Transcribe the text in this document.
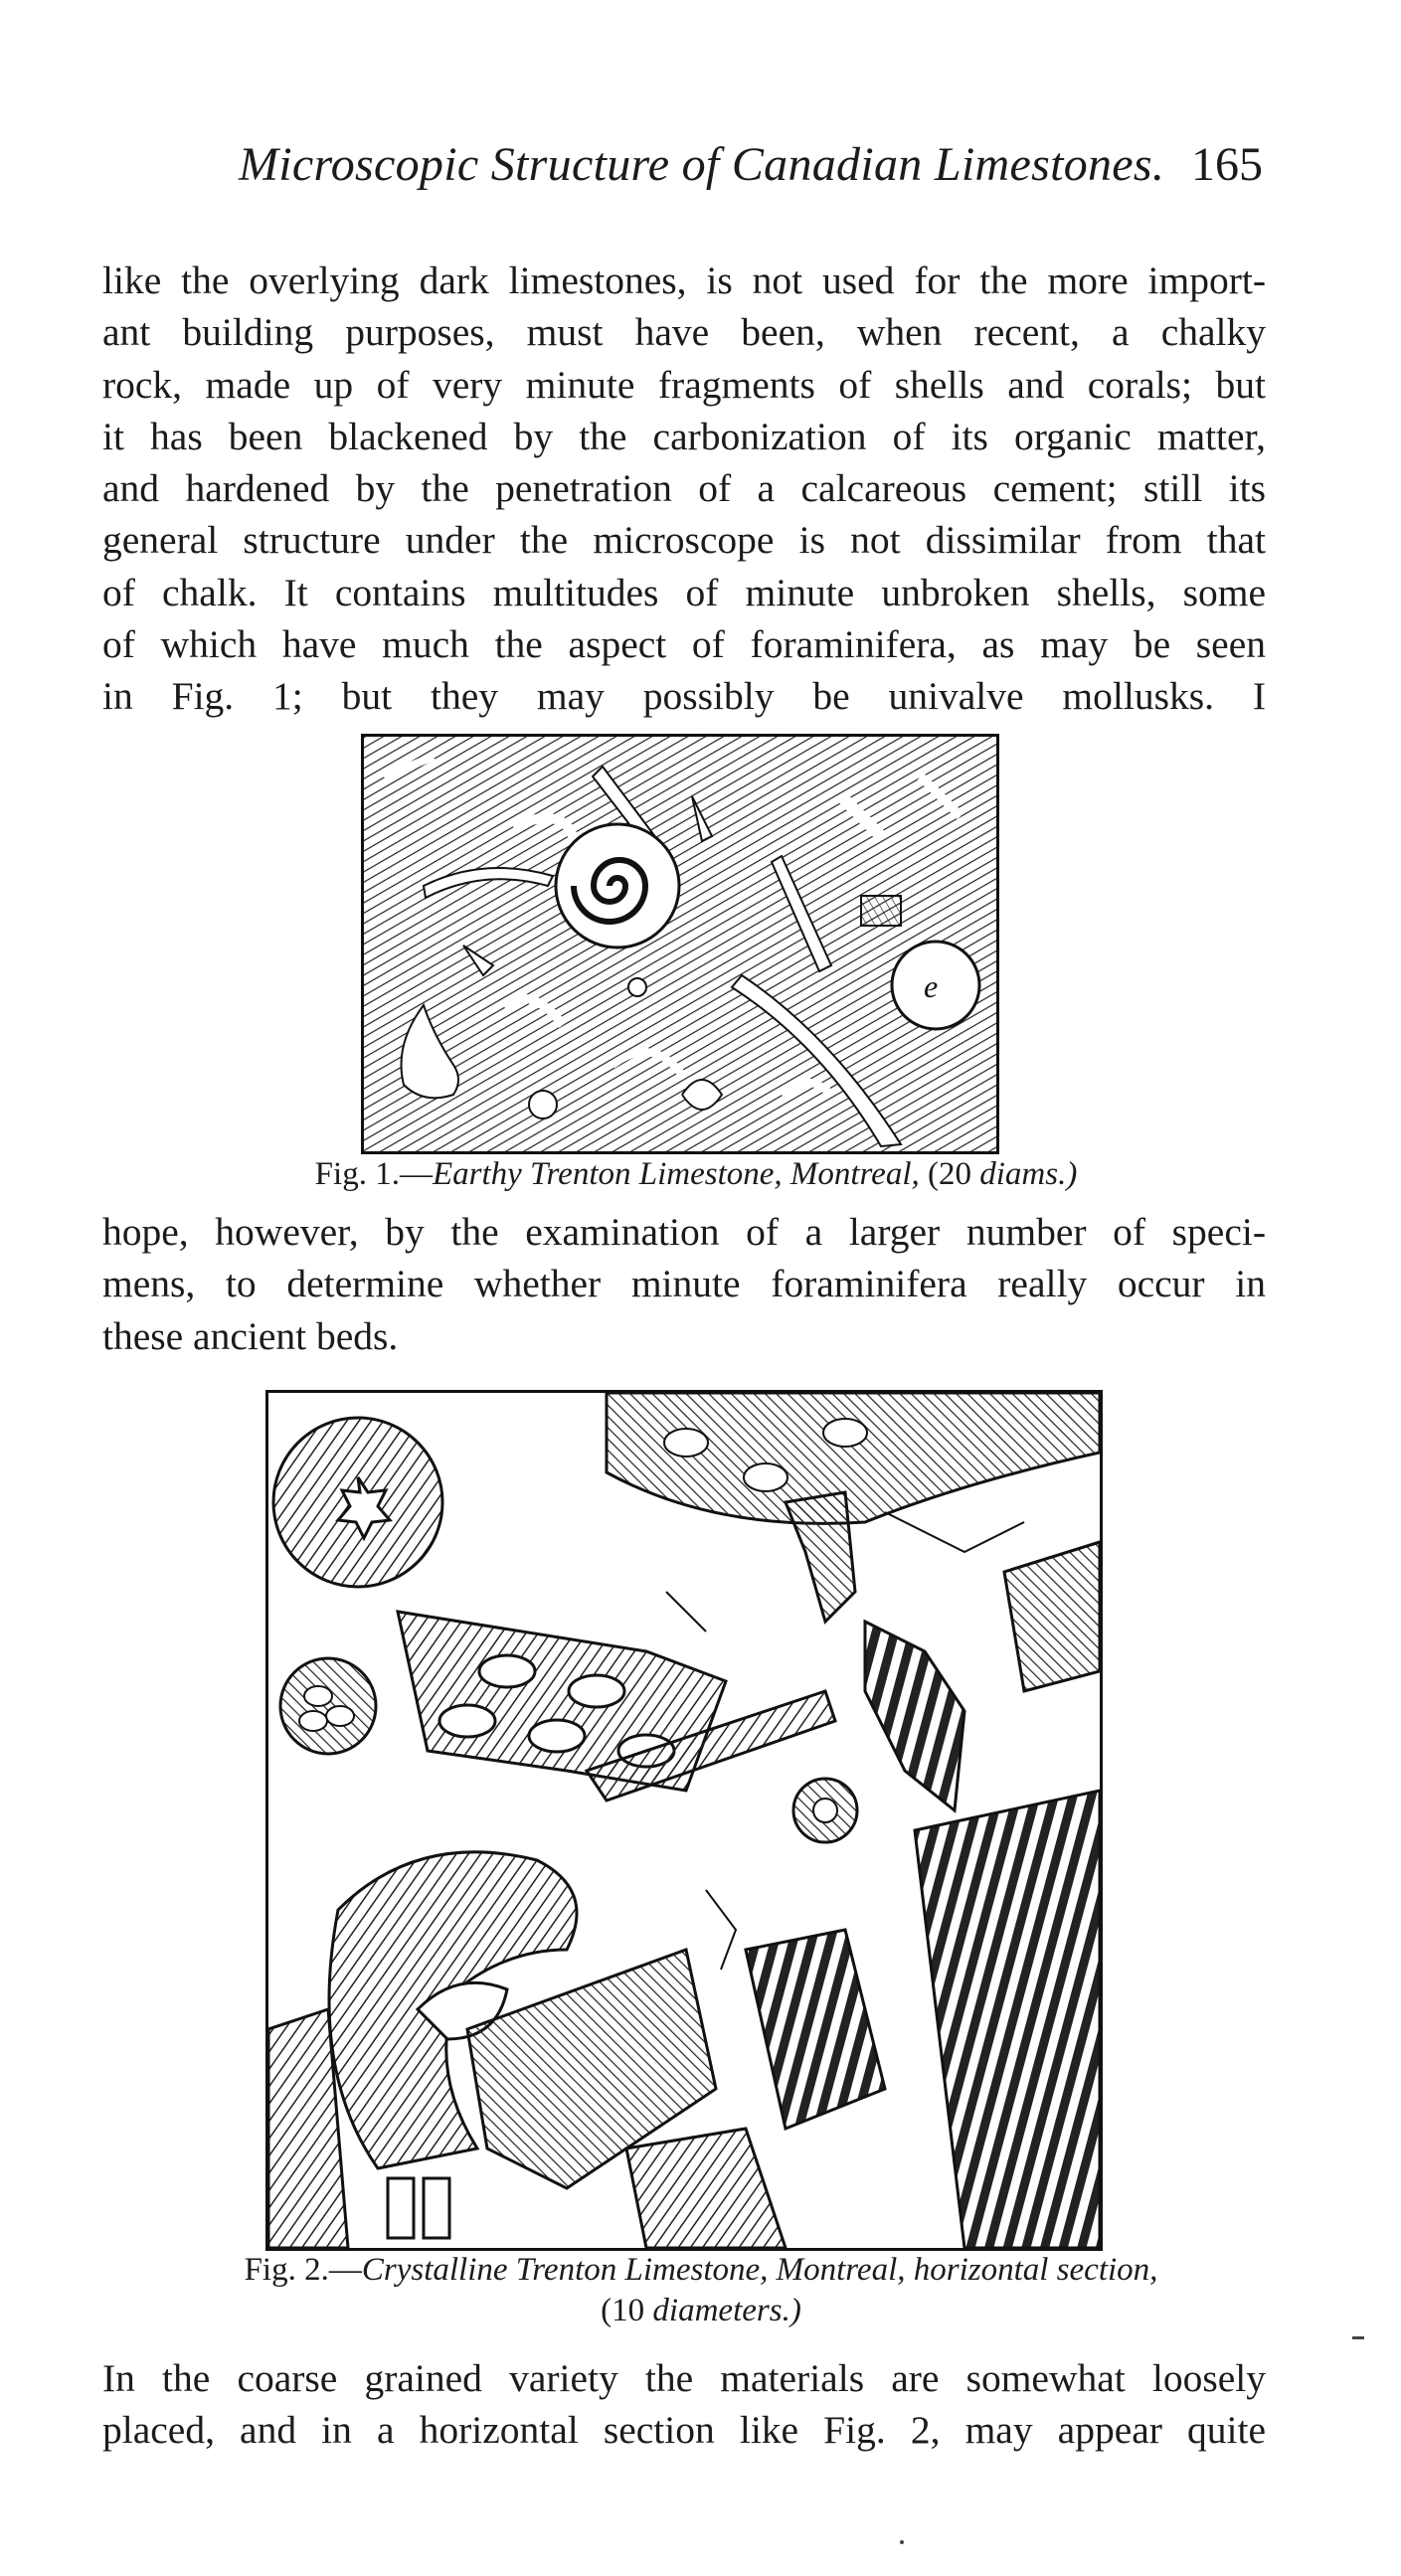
Microscopic Structure of Canadian Limestones. 165
like the overlying dark limestones, is not used for the more import-
ant building purposes, must have been, when recent, a chalky
rock, made up of very minute fragments of shells and corals; but
it has been blackened by the carbonization of its organic matter,
and hardened by the penetration of a calcareous cement; still its
general structure under the microscope is not dissimilar from that
of chalk. It contains multitudes of minute unbroken shells, some
of which have much the aspect of foraminifera, as may be seen
in Fig. 1; but they may possibly be univalve mollusks. I
e
Fig. 1.—Earthy Trenton Limestone, Montreal, (20 diams.)
hope, however, by the examination of a larger number of speci-
mens, to determine whether minute foraminifera really occur in
these ancient beds.
Fig. 2.—Crystalline Trenton Limestone, Montreal, horizontal section,
(10 diameters.)
In the coarse grained variety the materials are somewhat loosely
placed, and in a horizontal section like Fig. 2, may appear quite
